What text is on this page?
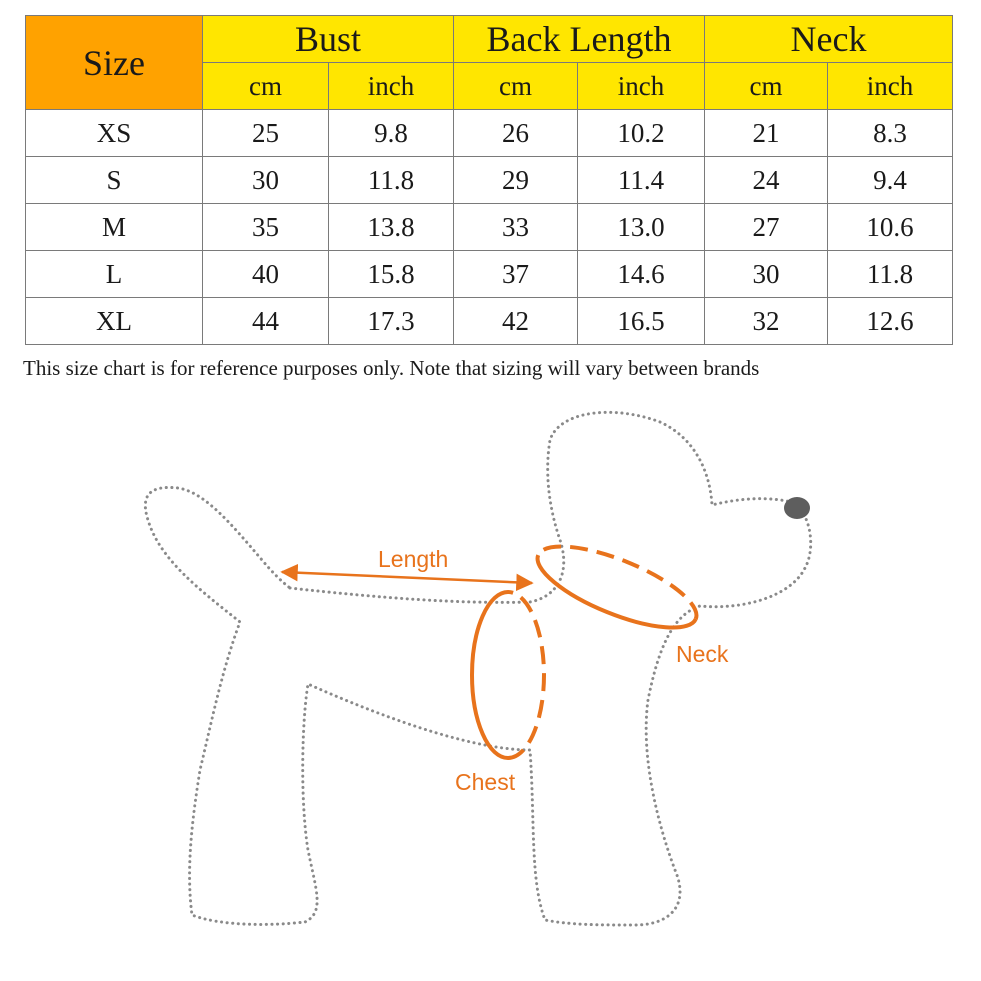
Size	Bust		Back Length		Neck	
	cm	inch	cm	inch	cm	inch
XS	25	9.8	26	10.2	21	8.3
S	30	11.8	29	11.4	24	9.4
M	35	13.8	33	13.0	27	10.6
L	40	15.8	37	14.6	30	11.8
XL	44	17.3	42	16.5	32	12.6
This size chart is for reference purposes only. Note that sizing will vary between brands
Length
Neck
Chest
